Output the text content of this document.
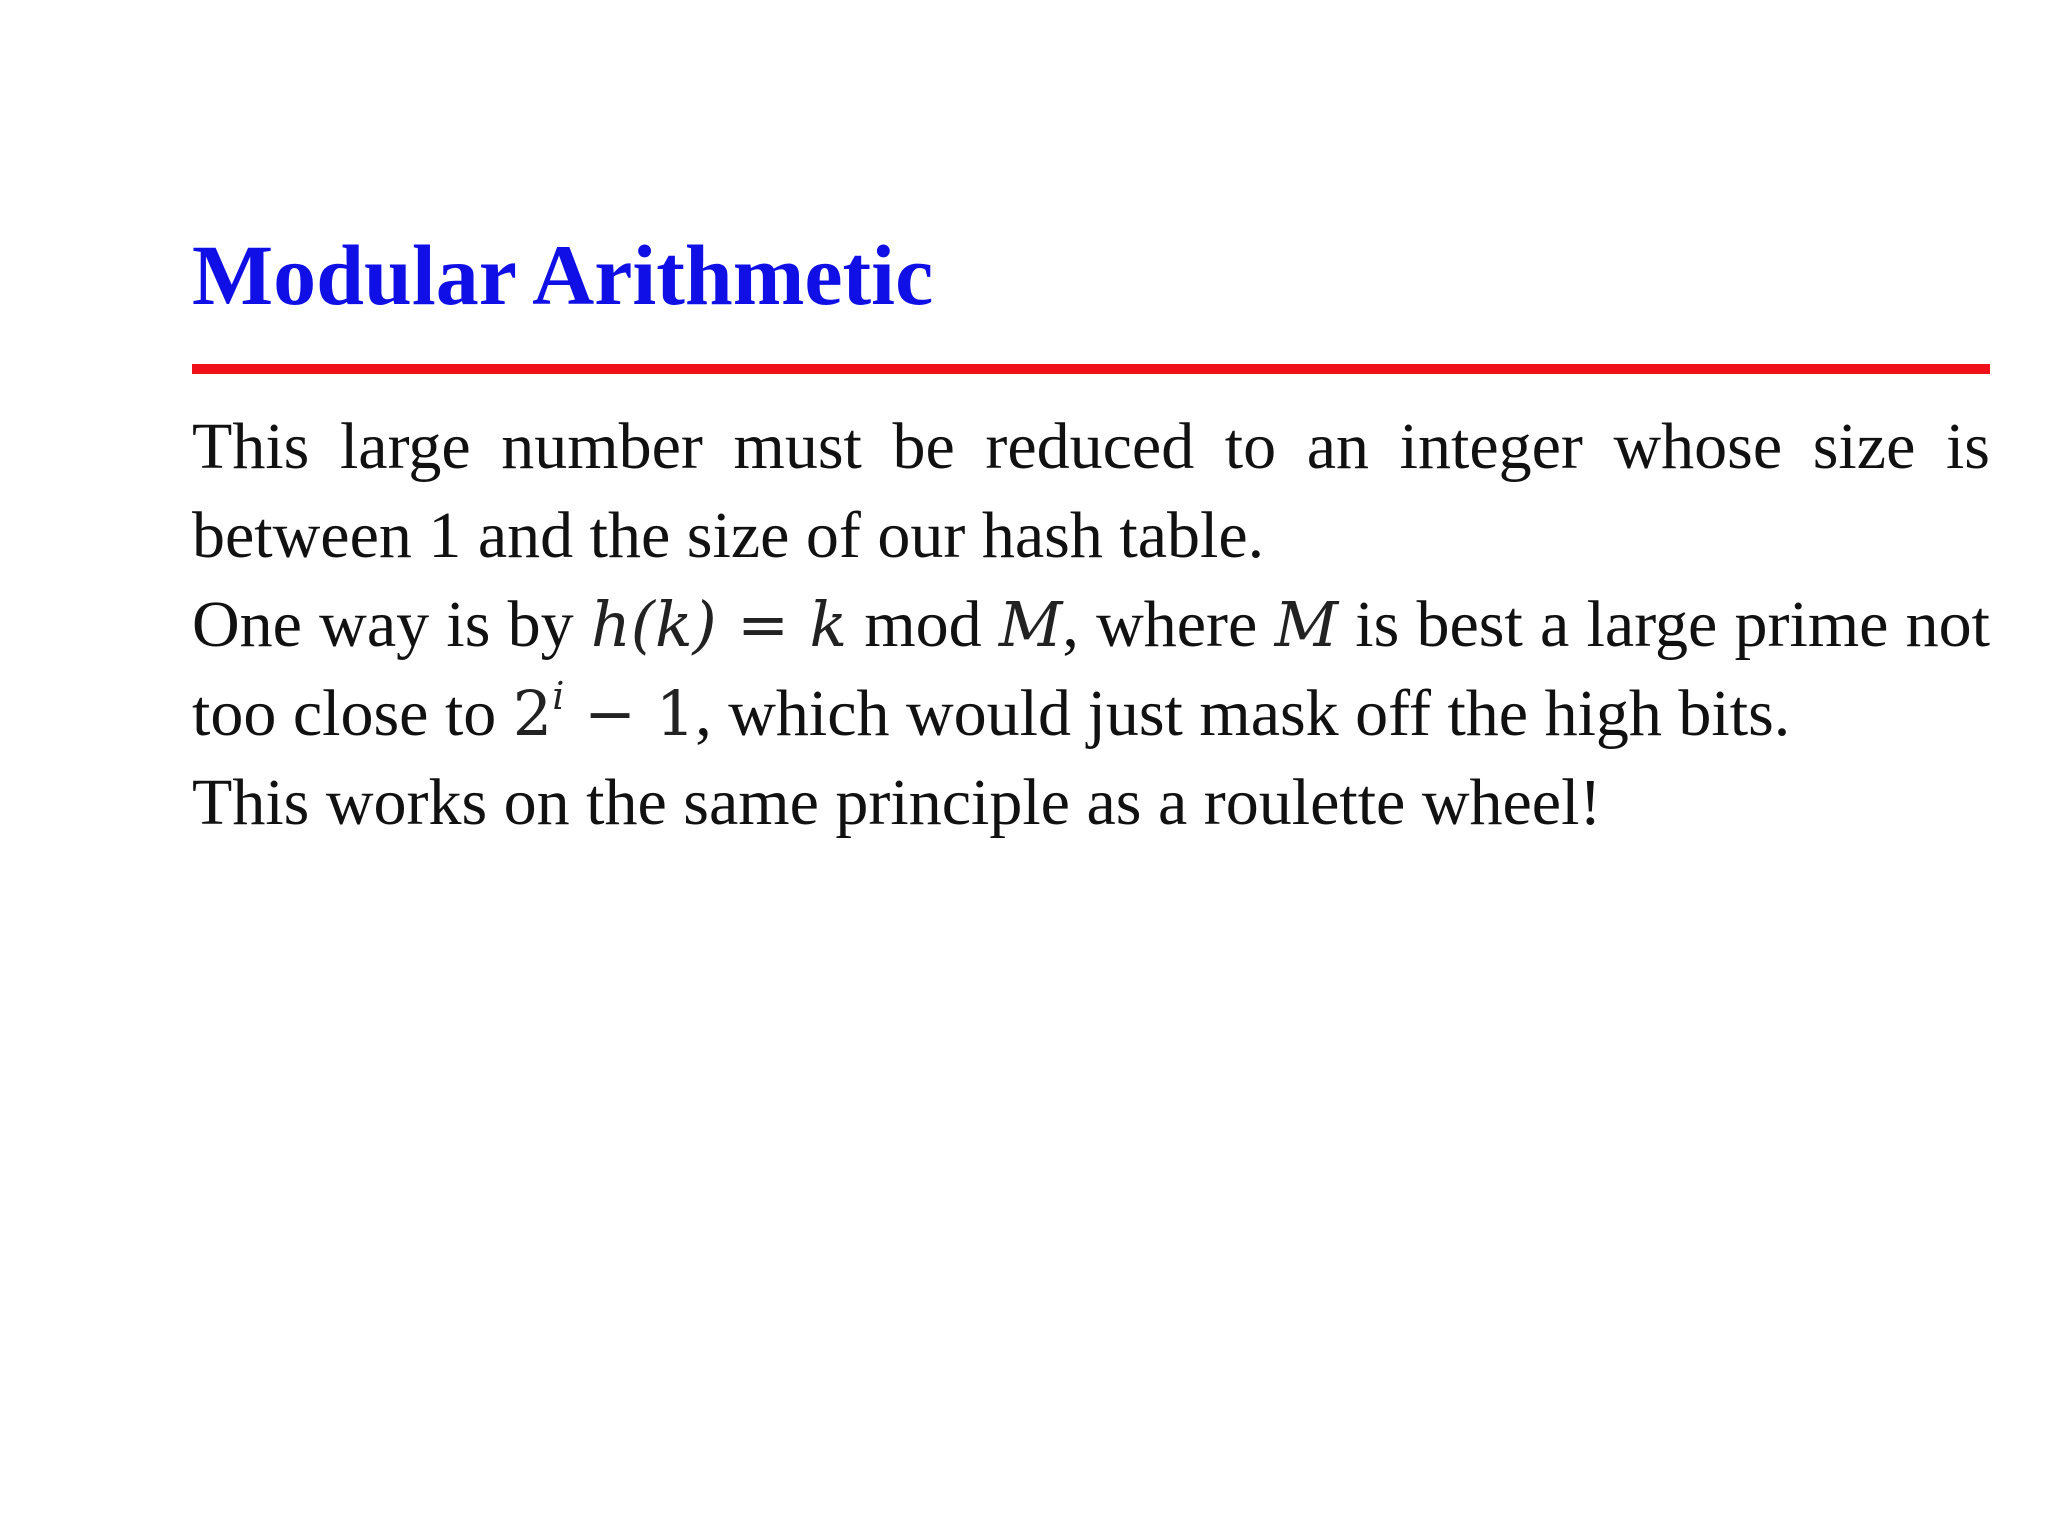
Modular Arithmetic

This large number must be reduced to an integer whose size is between 1 and the size of our hash table.

One way is by h(k) = k mod M, where M is best a large prime not too close to $2^i - 1$, which would just mask off the high bits.

This works on the same principle as a roulette wheel!
